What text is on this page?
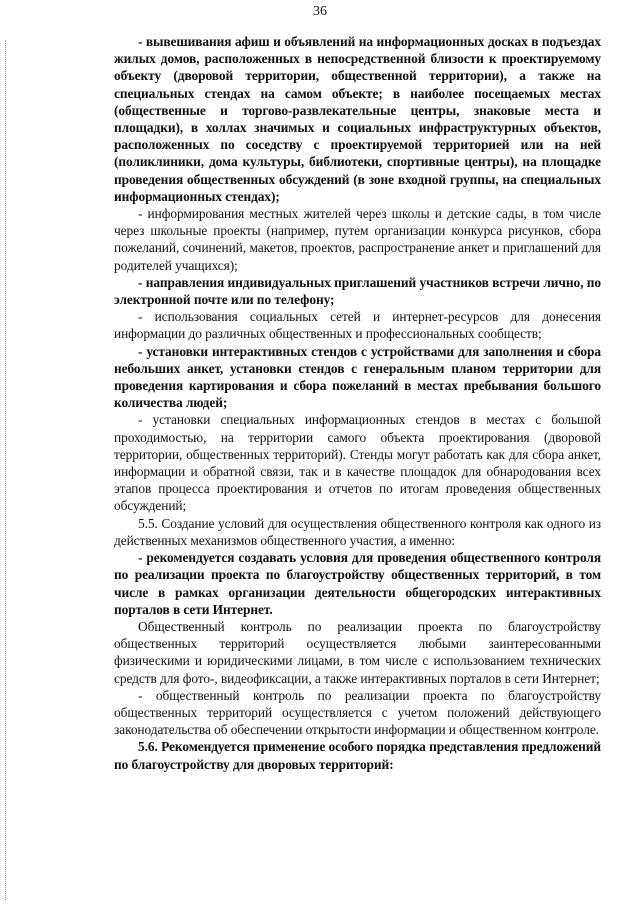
36

- вывешивания афиш и объявлений на информационных досках в подъездах жилых домов, расположенных в непосредственной близости к проектируемому объекту (дворовой территории, общественной территории), а также на специальных стендах на самом объекте; в наиболее посещаемых местах (общественные и торгово-развлекательные центры, знаковые места и площадки), в холлах значимых и социальных инфраструктурных объектов, расположенных по соседству с проектируемой территорией или на ней (поликлиники, дома культуры, библиотеки, спортивные центры), на площадке проведения общественных обсуждений (в зоне входной группы, на специальных информационных стендах);

- информирования местных жителей через школы и детские сады, в том числе через школьные проекты (например, путем организации конкурса рисунков, сбора пожеланий, сочинений, макетов, проектов, распространение анкет и приглашений для родителей учащихся);

- направления индивидуальных приглашений участников встречи лично, по электронной почте или по телефону;

- использования социальных сетей и интернет-ресурсов для донесения информации до различных общественных и профессиональных сообществ;

- установки интерактивных стендов с устройствами для заполнения и сбора небольших анкет, установки стендов с генеральным планом территории для проведения картирования и сбора пожеланий в местах пребывания большого количества людей;

- установки специальных информационных стендов в местах с большой проходимостью, на территории самого объекта проектирования (дворовой территории, общественных территорий). Стенды могут работать как для сбора анкет, информации и обратной связи, так и в качестве площадок для обнародования всех этапов процесса проектирования и отчетов по итогам проведения общественных обсуждений;

5.5. Создание условий для осуществления общественного контроля как одного из действенных механизмов общественного участия, а именно:

- рекомендуется создавать условия для проведения общественного контроля по реализации проекта по благоустройству общественных территорий, в том числе в рамках организации деятельности общегородских интерактивных порталов в сети Интернет.

Общественный контроль по реализации проекта по благоустройству общественных территорий осуществляется любыми заинтересованными физическими и юридическими лицами, в том числе с использованием технических средств для фото-, видеофиксации, а также интерактивных порталов в сети Интернет;

- общественный контроль по реализации проекта по благоустройству общественных территорий осуществляется с учетом положений действующего законодательства об обеспечении открытости информации и общественном контроле.

5.6. Рекомендуется применение особого порядка представления предложений по благоустройству для дворовых территорий:
